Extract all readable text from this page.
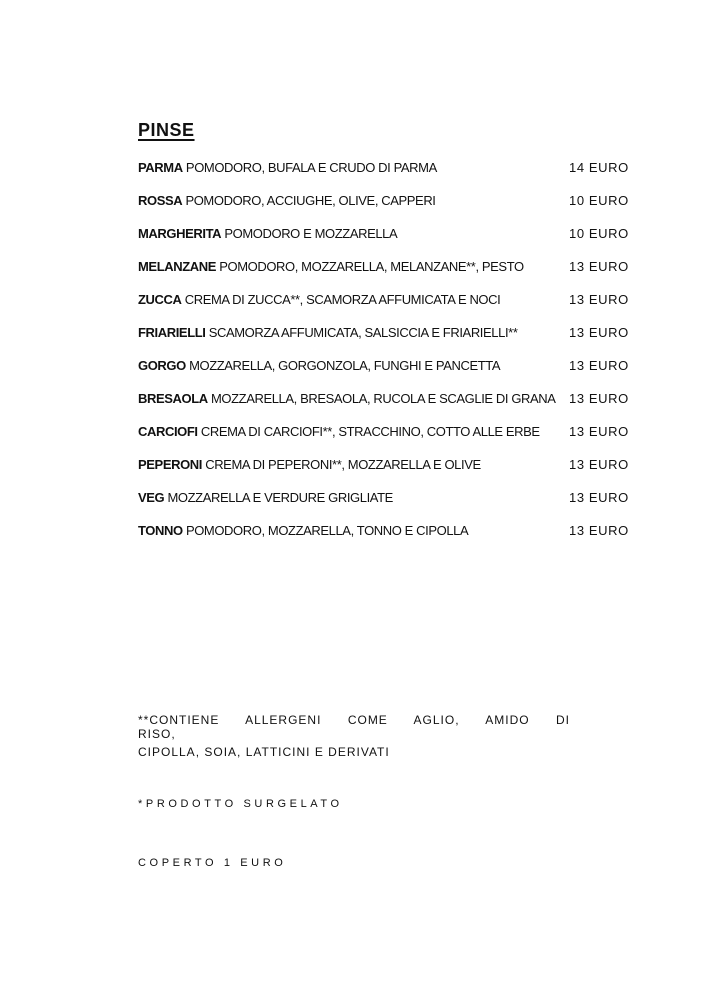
PINSE
PARMA POMODORO, BUFALA E CRUDO DI PARMA	14 EURO
ROSSA POMODORO, ACCIUGHE, OLIVE, CAPPERI	10 EURO
MARGHERITA POMODORO E MOZZARELLA	10 EURO
MELANZANE POMODORO, MOZZARELLA, MELANZANE**, PESTO	13 EURO
ZUCCA CREMA DI ZUCCA**, SCAMORZA AFFUMICATA E NOCI	13 EURO
FRIARIELLI SCAMORZA AFFUMICATA, SALSICCIA E FRIARIELLI**	13 EURO
GORGO MOZZARELLA, GORGONZOLA, FUNGHI E PANCETTA	13 EURO
BRESAOLA MOZZARELLA, BRESAOLA, RUCOLA E SCAGLIE DI GRANA 13 EURO
CARCIOFI CREMA DI CARCIOFI**, STRACCHINO, COTTO ALLE ERBE 13 EURO
PEPERONI CREMA DI PEPERONI**, MOZZARELLA E OLIVE	13 EURO
VEG MOZZARELLA E VERDURE GRIGLIATE	13 EURO
TONNO POMODORO, MOZZARELLA, TONNO E CIPOLLA	13 EURO
**CONTIENE ALLERGENI COME AGLIO, AMIDO DI RISO,
CIPOLLA, SOIA, LATTICINI E DERIVATI
*PRODOTTO SURGELATO
COPERTO 1 EURO
